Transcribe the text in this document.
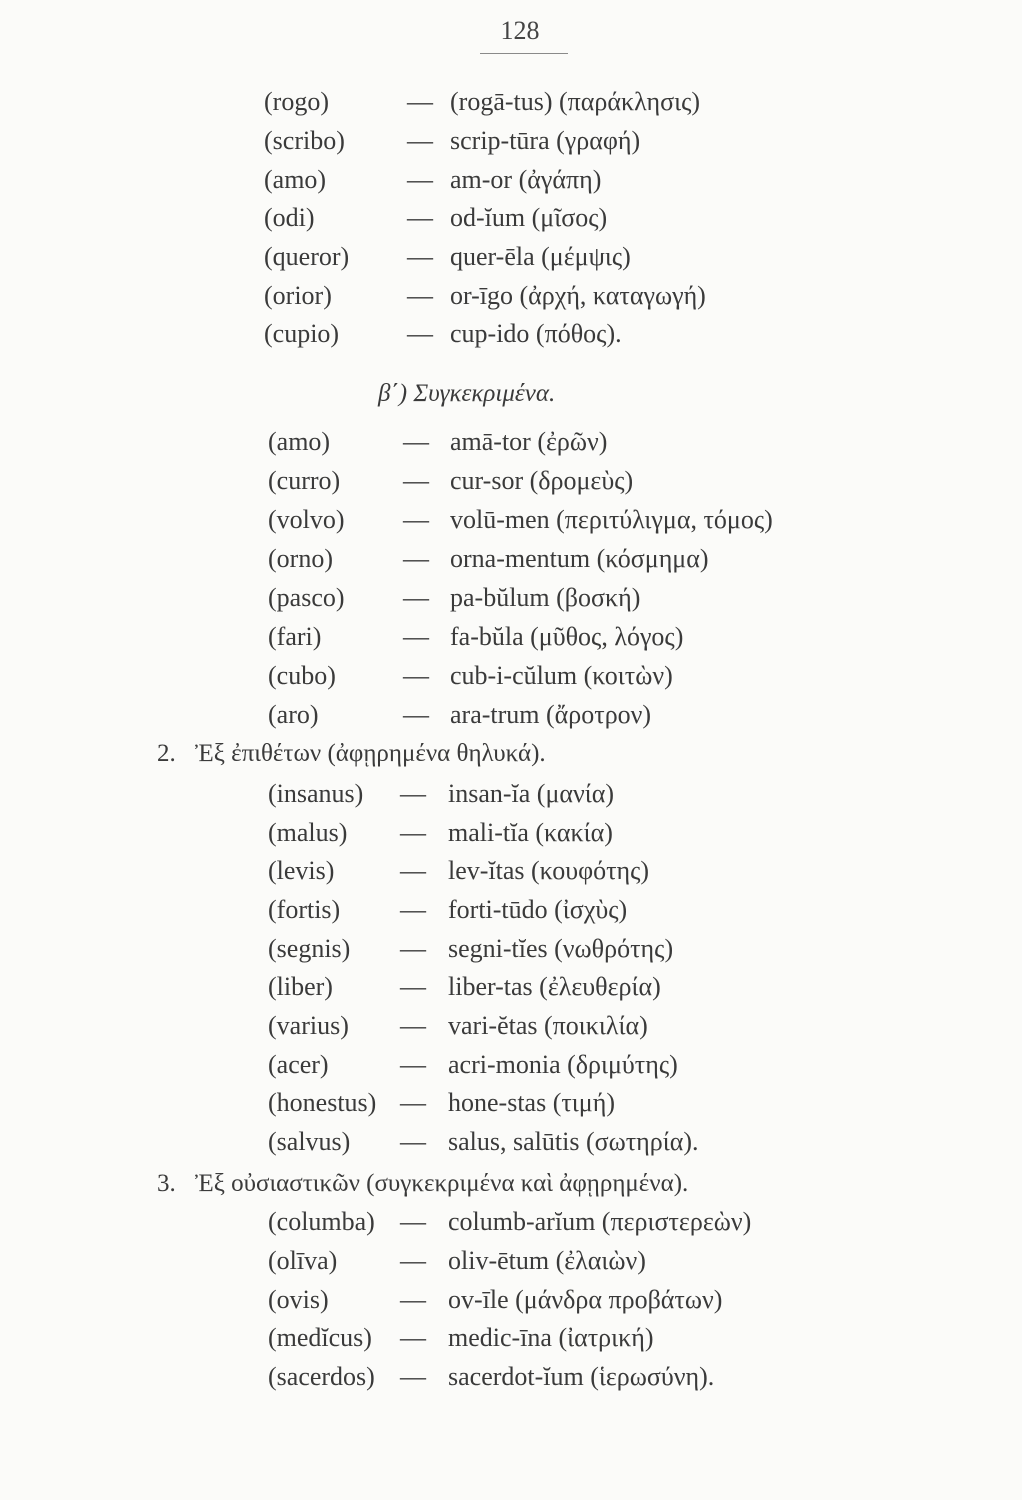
128
(rogo)	— (rogā-tus) (παράκλησις)
(scribo) — scrip-tūra (γραφή)
(amo)	— am-or (ἀγάπη)
(odi)	— od-ĭum (μῖσος)
(queror) — quer-ēla (μέμψις)
(orior)	— or-īgo (ἀρχή, καταγωγή)
(cupio)	— cup-ido (πόθος).
β΄) Συγκεκριμένα.
(amo)	— amā-tor (ἐρῶν)
(curro) — cur-sor (δρομεὺς)
(volvo) — volū-men (περιτύλιγμα, τόμος)
(orno)	— orna-mentum (κόσμημα)
(pasco) — pa-bŭlum (βοσκή)
(fari)	— fa-bŭla (μῦθος, λόγος)
(cubo)	— cub-i-cŭlum (κοιτὼν)
(aro)	— ara-trum (ἄροτρον)
2. Ἐξ ἐπιθέτων (ἀφῃρημένα θηλυκά).
(insanus) — insan-ĭa (μανία)
(malus) — mali-tĭa (κακία)
(levis)	— lev-ĭtas (κουφότης)
(fortis) — forti-tūdo (ἰσχὺς)
(segnis) — segni-tĭes (νωθρότης)
(liber)	— liber-tas (ἐλευθερία)
(varius) — vari-ĕtas (ποικιλία)
(acer)	— acri-monia (δριμύτης)
(honestus) — hone-stas (τιμή)
(salvus) — salus, salūtis (σωτηρία).
3. Ἐξ οὐσιαστικῶν (συγκεκριμένα καὶ ἀφῃρημένα).
(columba) — columb-arĭum (περιστερεὼν)
(olīva) — oliv-ētum (ἐλαιὼν)
(ovis)	— ov-īle (μάνδρα προβάτων)
(medĭcus) — medic-īna (ἰατρική)
(sacerdos) — sacerdot-ĭum (ἱερωσύνη).
